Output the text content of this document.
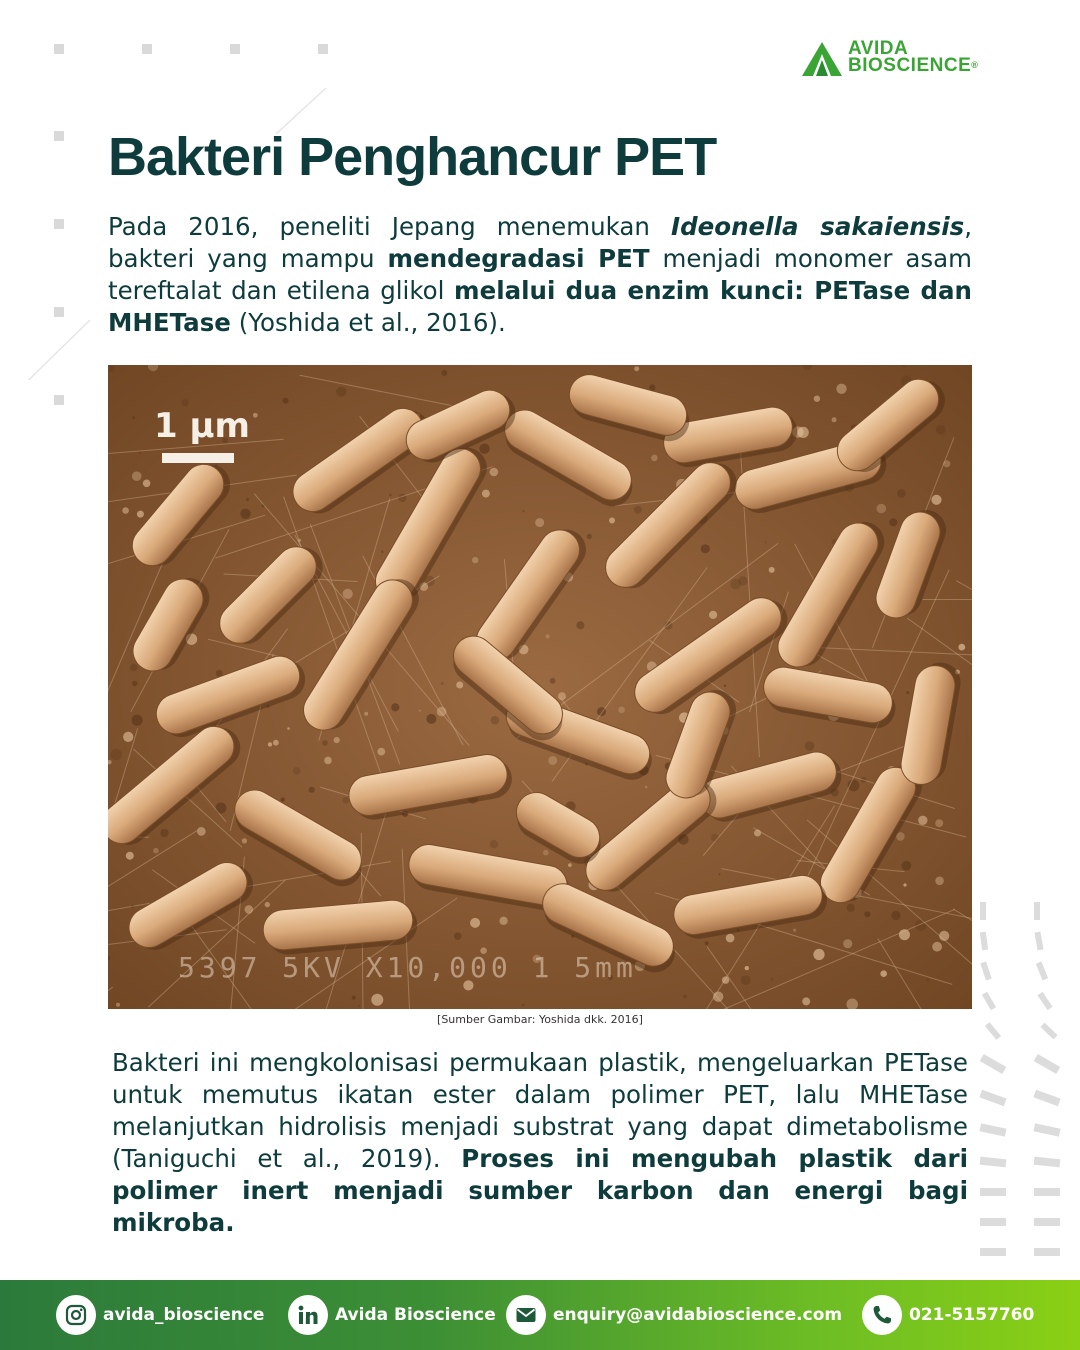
AVIDA
BIOSCIENCE®
Bakteri Penghancur PET

Pada 2016, peneliti Jepang menemukan Ideonella sakaiensis, bakteri yang mampu mendegradasi PET menjadi monomer asam tereftalat dan etilena glikol melalui dua enzim kunci: PETase dan MHETase (Yoshida et al., 2016).

1 μm
5397 5KV X10,000 1 5mm
[Sumber Gambar: Yoshida dkk. 2016]

Bakteri ini mengkolonisasi permukaan plastik, mengeluarkan PETase untuk memutus ikatan ester dalam polimer PET, lalu MHETase melanjutkan hidrolisis menjadi substrat yang dapat dimetabolisme (Taniguchi et al., 2019). Proses ini mengubah plastik dari polimer inert menjadi sumber karbon dan energi bagi mikroba.

avida_bioscience	Avida Bioscience	enquiry@avidabioscience.com	021-5157760
